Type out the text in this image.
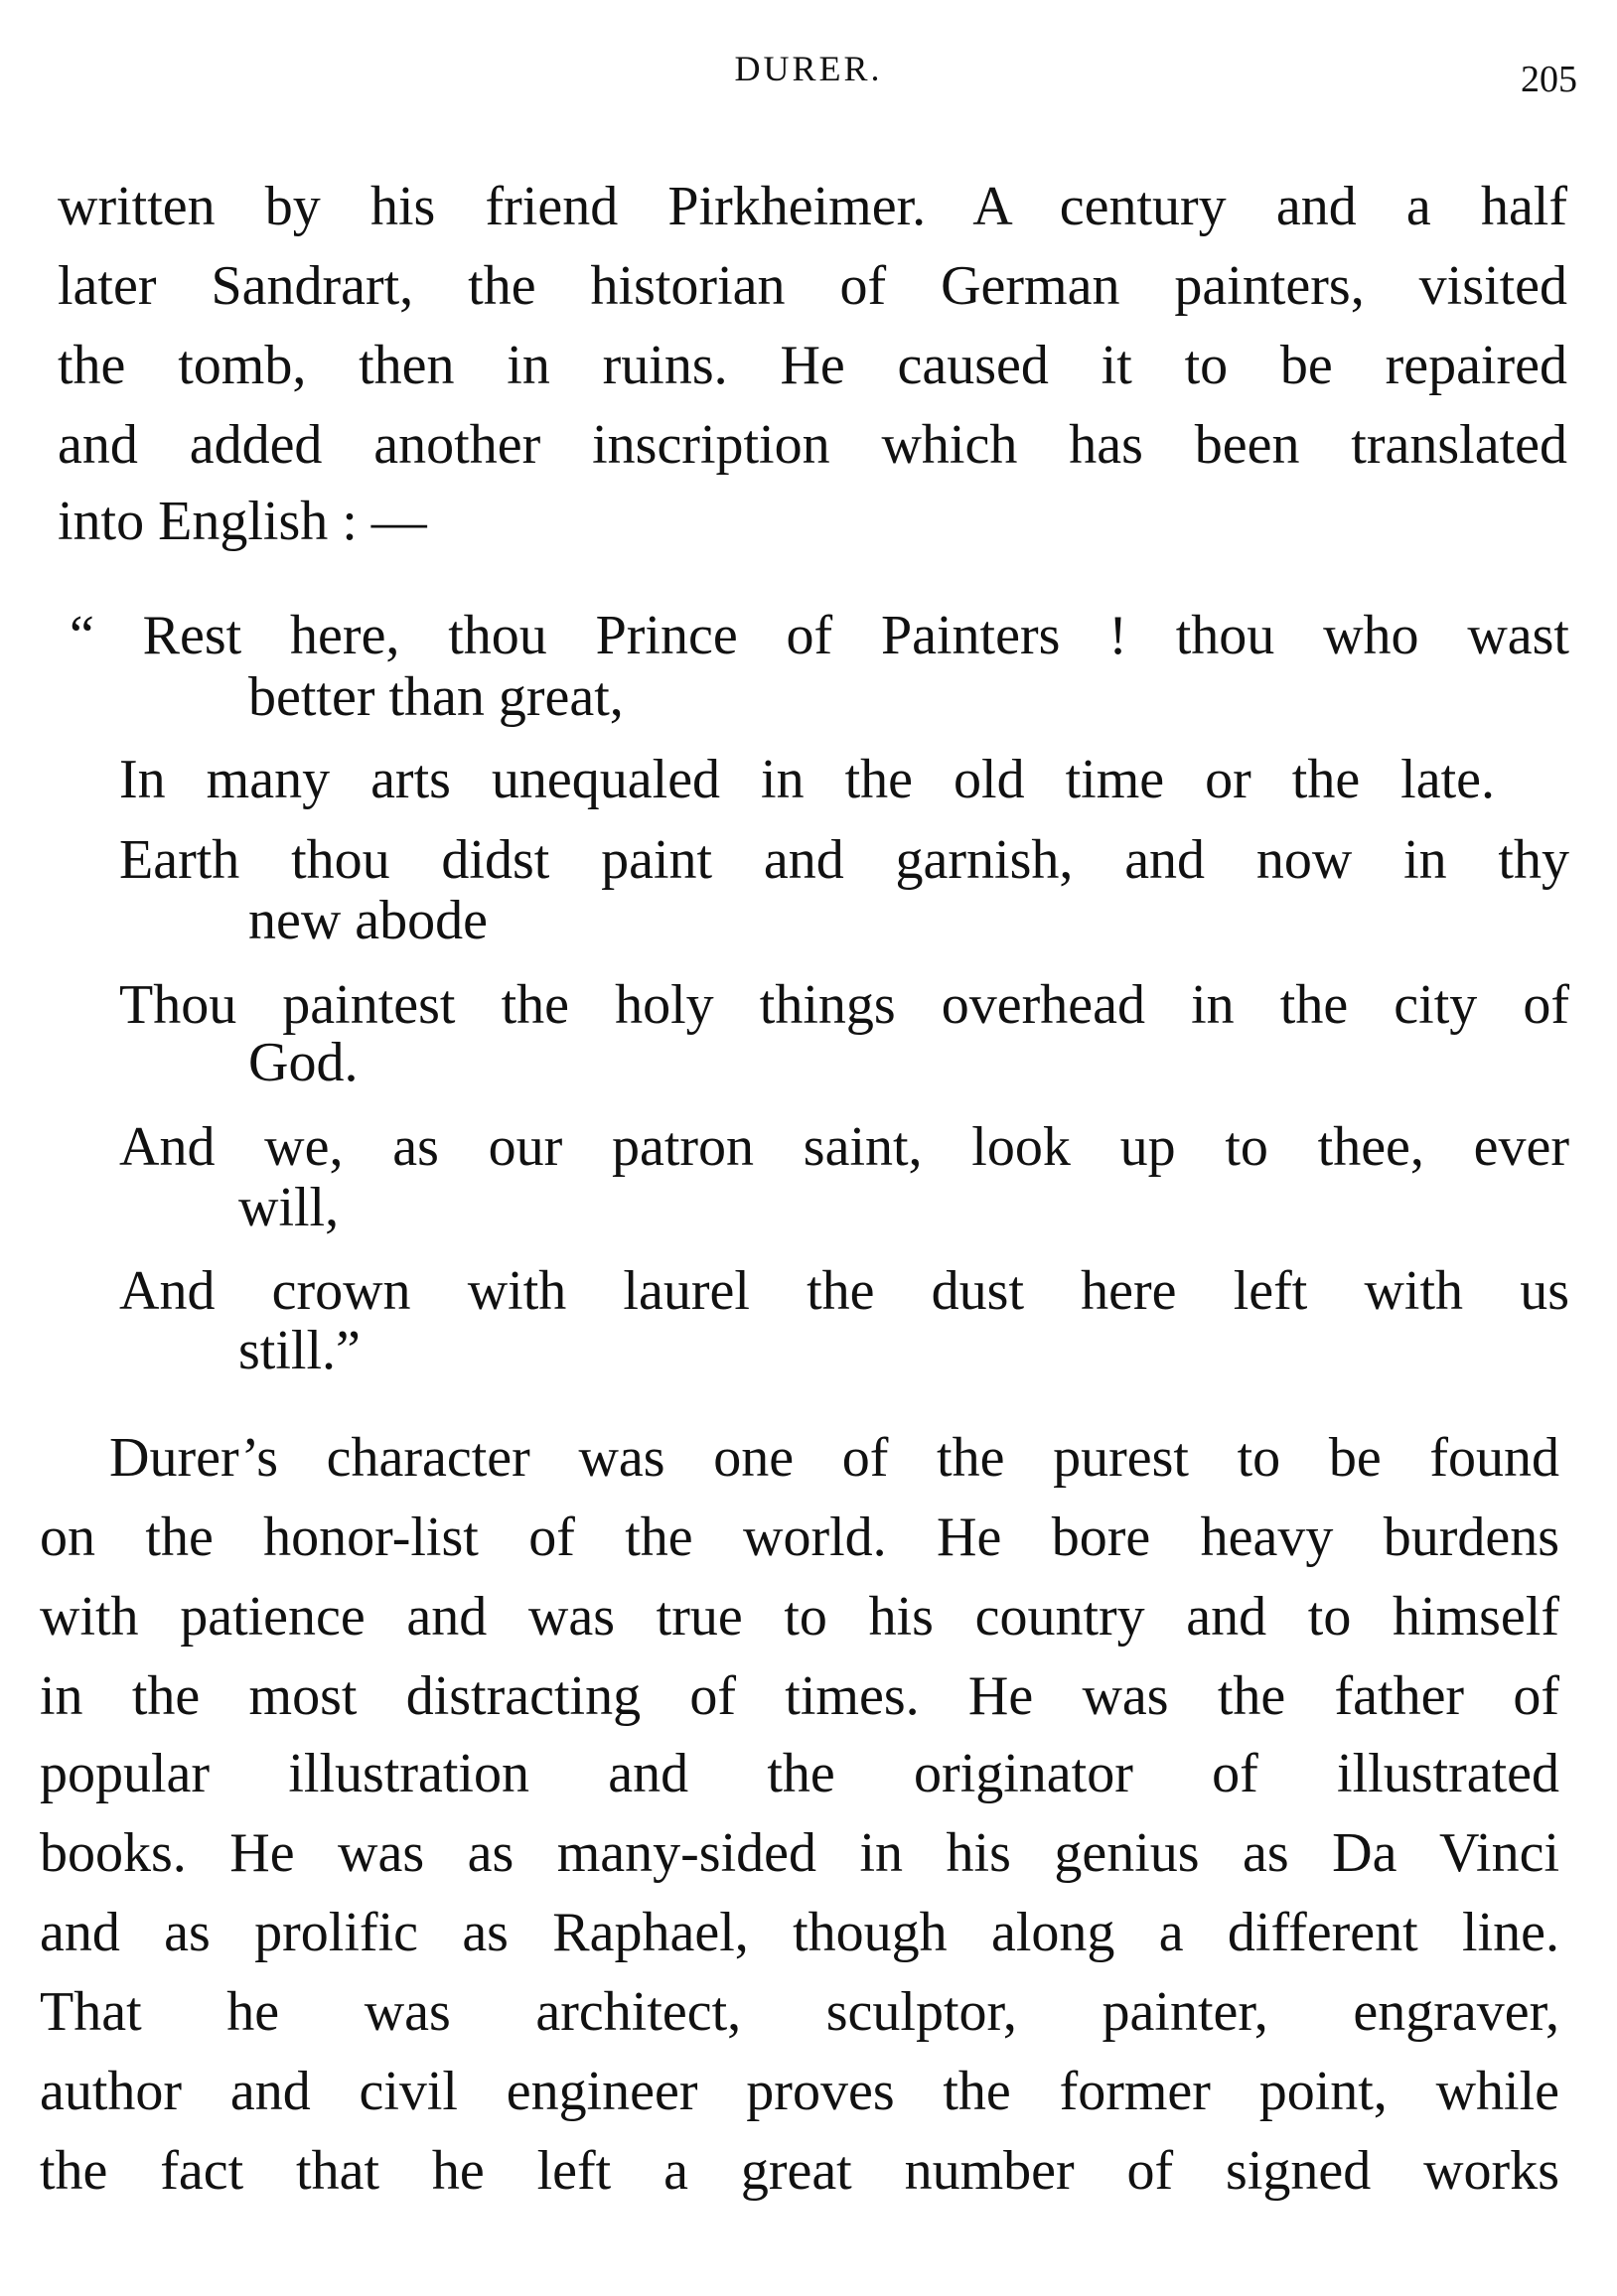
DURER.	205
written by his friend Pirkheimer. A century and a half
later Sandrart, the historian of German painters, visited
the tomb, then in ruins. He caused it to be repaired
and added another inscription which has been translated
into English : —
“ Rest here, thou Prince of Painters ! thou who wast
better than great,
In many arts unequaled in the old time or the late.
Earth thou didst paint and garnish, and now in thy
new abode
Thou paintest the holy things overhead in the city of
God.
And we, as our patron saint, look up to thee, ever
will,
And crown with laurel the dust here left with us
still.”
Durer’s character was one of the purest to be found
on the honor-list of the world. He bore heavy burdens
with patience and was true to his country and to himself
in the most distracting of times. He was the father of
popular illustration and the originator of illustrated
books. He was as many-sided in his genius as Da Vinci
and as prolific as Raphael, though along a different line.
That he was architect, sculptor, painter, engraver,
author and civil engineer proves the former point, while
the fact that he left a great number of signed works
